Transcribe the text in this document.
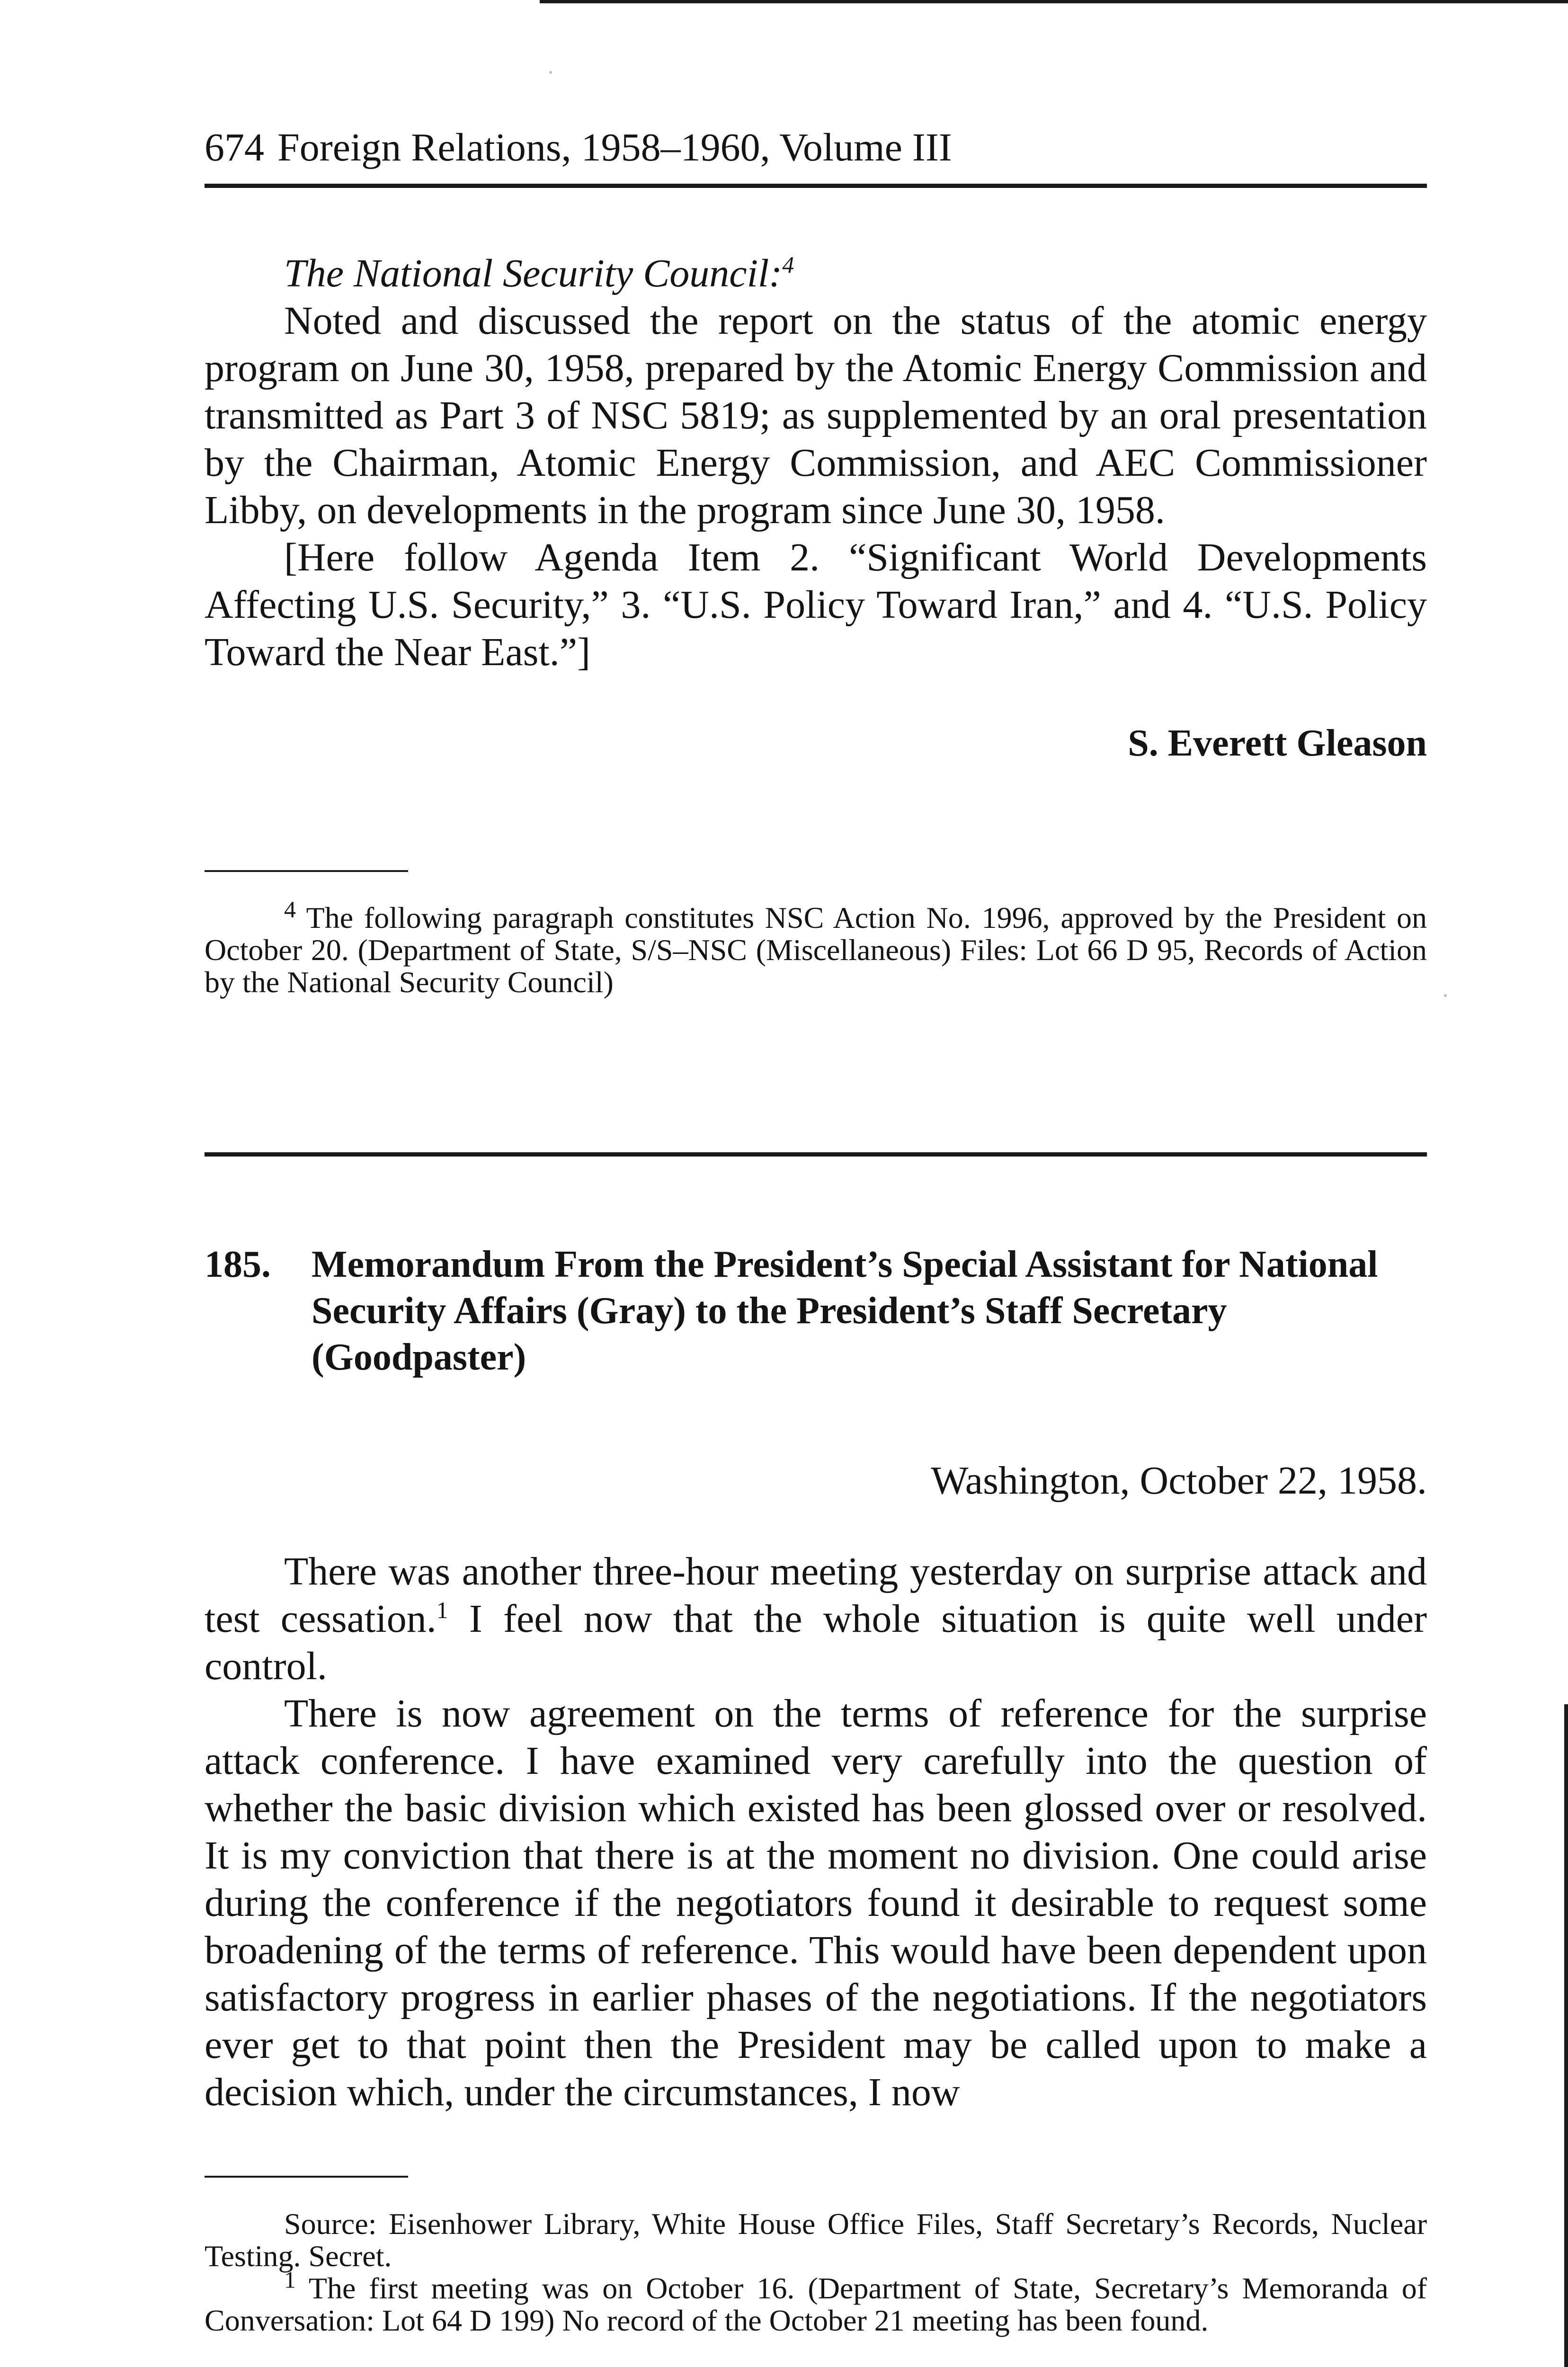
674 Foreign Relations, 1958–1960, Volume III

The National Security Council:$^4$

Noted and discussed the report on the status of the atomic energy program on June 30, 1958, prepared by the Atomic Energy Commission and transmitted as Part 3 of NSC 5819; as supplemented by an oral presentation by the Chairman, Atomic Energy Commission, and AEC Commissioner Libby, on developments in the program since June 30, 1958.

[Here follow Agenda Item 2. “Significant World Developments Affecting U.S. Security,” 3. “U.S. Policy Toward Iran,” and 4. “U.S. Policy Toward the Near East.”]

S. Everett Gleason

$^4$ The following paragraph constitutes NSC Action No. 1996, approved by the President on October 20. (Department of State, S/S–NSC (Miscellaneous) Files: Lot 66 D 95, Records of Action by the National Security Council)

185. Memorandum From the President’s Special Assistant for National Security Affairs (Gray) to the President’s Staff Secretary (Goodpaster)
Washington, October 22, 1958.

There was another three-hour meeting yesterday on surprise attack and test cessation.$^1$ I feel now that the whole situation is quite well under control.

There is now agreement on the terms of reference for the surprise attack conference. I have examined very carefully into the question of whether the basic division which existed has been glossed over or resolved. It is my conviction that there is at the moment no division. One could arise during the conference if the negotiators found it desirable to request some broadening of the terms of reference. This would have been dependent upon satisfactory progress in earlier phases of the negotiations. If the negotiators ever get to that point then the President may be called upon to make a decision which, under the circumstances, I now

Source: Eisenhower Library, White House Office Files, Staff Secretary’s Records, Nuclear Testing. Secret.

$^1$ The first meeting was on October 16. (Department of State, Secretary’s Memoranda of Conversation: Lot 64 D 199) No record of the October 21 meeting has been found.
